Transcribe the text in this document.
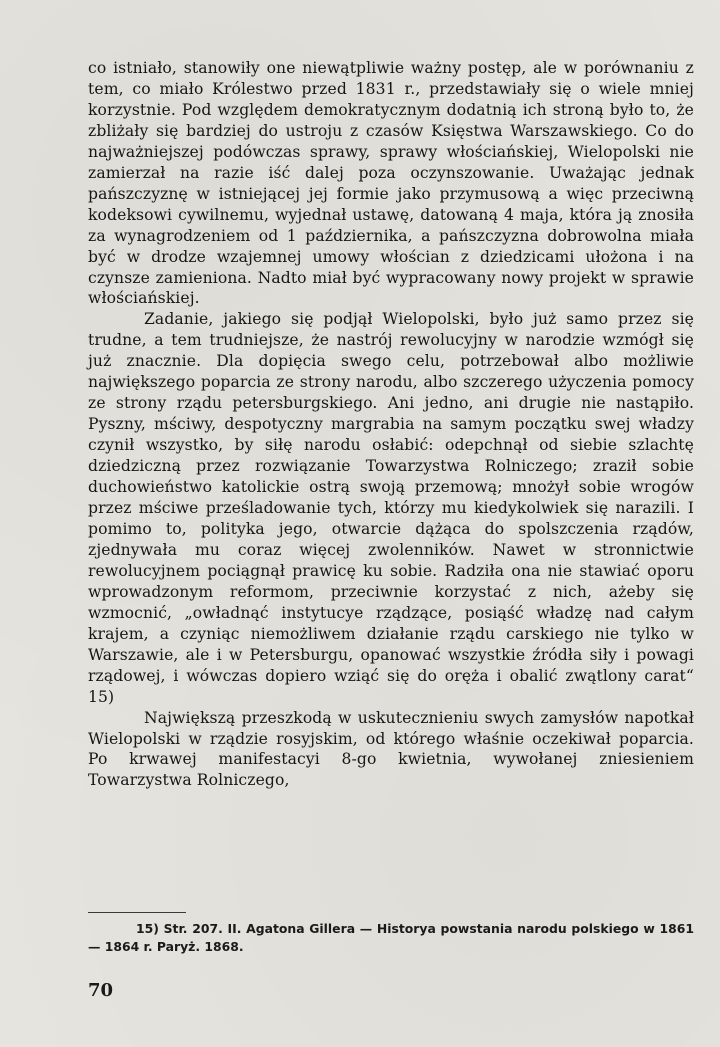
co istniało, stanowiły one niewątpliwie ważny postęp, ale w porównaniu z tem, co miało Królestwo przed 1831 r., przedstawiały się o wiele mniej korzystnie. Pod względem demokratycznym dodatnią ich stroną było to, że zbliżały się bardziej do ustroju z czasów Księstwa Warszawskiego. Co do najważniejszej podówczas sprawy, sprawy włościańskiej, Wielopolski nie zamierzał na razie iść dalej poza oczynszowanie. Uważając jednak pańszczyznę w istniejącej jej formie jako przymusową a więc przeciwną kodeksowi cywilnemu, wyjednał ustawę, datowaną 4 maja, która ją znosiła za wynagrodzeniem od 1 października, a pańszczyzna dobrowolna miała być w drodze wzajemnej umowy włościan z dziedzicami ułożona i na czynsze zamieniona. Nadto miał być wypracowany nowy projekt w sprawie włościańskiej.

Zadanie, jakiego się podjął Wielopolski, było już samo przez się trudne, a tem trudniejsze, że nastrój rewolucyjny w narodzie wzmógł się już znacznie. Dla dopięcia swego celu, potrzebował albo możliwie największego poparcia ze strony narodu, albo szczerego użyczenia pomocy ze strony rządu petersburgskiego. Ani jedno, ani drugie nie nastąpiło. Pyszny, mściwy, despotyczny margrabia na samym początku swej władzy czynił wszystko, by siłę narodu osłabić: odepchnął od siebie szlachtę dziedziczną przez rozwiązanie Towarzystwa Rolniczego; zraził sobie duchowieństwo katolickie ostrą swoją przemową; mnożył sobie wrogów przez mściwe prześladowanie tych, którzy mu kiedykolwiek się narazili. I pomimo to, polityka jego, otwarcie dążąca do spolszczenia rządów, zjednywała mu coraz więcej zwolenników. Nawet w stronnictwie rewolucyjnem pociągnął prawicę ku sobie. Radziła ona nie stawiać oporu wprowadzonym reformom, przeciwnie korzystać z nich, ażeby się wzmocnić, „owładnąć instytucye rządzące, posiąść władzę nad całym krajem, a czyniąc niemożliwem działanie rządu carskiego nie tylko w Warszawie, ale i w Petersburgu, opanować wszystkie źródła siły i powagi rządowej, i wówczas dopiero wziąć się do oręża i obalić zwątlony carat“ 15)

Największą przeszkodą w uskutecznieniu swych zamysłów napotkał Wielopolski w rządzie rosyjskim, od którego właśnie oczekiwał poparcia. Po krwawej manifestacyi 8-go kwietnia, wywołanej zniesieniem Towarzystwa Rolniczego,

15) Str. 207. II. Agatona Gillera — Historya powstania narodu polskiego w 1861 — 1864 r. Paryż. 1868.
70
